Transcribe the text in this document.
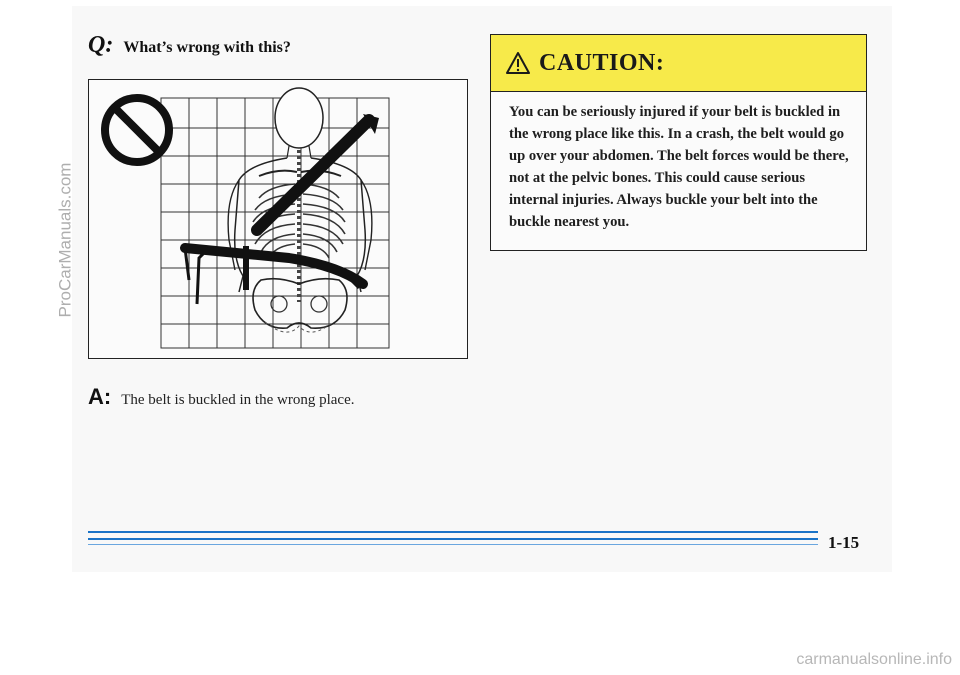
Q: What’s wrong with this?
A: The belt is buckled in the wrong place.
CAUTION:
You can be seriously injured if your belt is buckled in the wrong place like this. In a crash, the belt would go up over your abdomen. The belt forces would be there, not at the pelvic bones. This could cause serious internal injuries. Always buckle your belt into the buckle nearest you.
1-15
ProCarManuals.com
carmanualsonline.info
